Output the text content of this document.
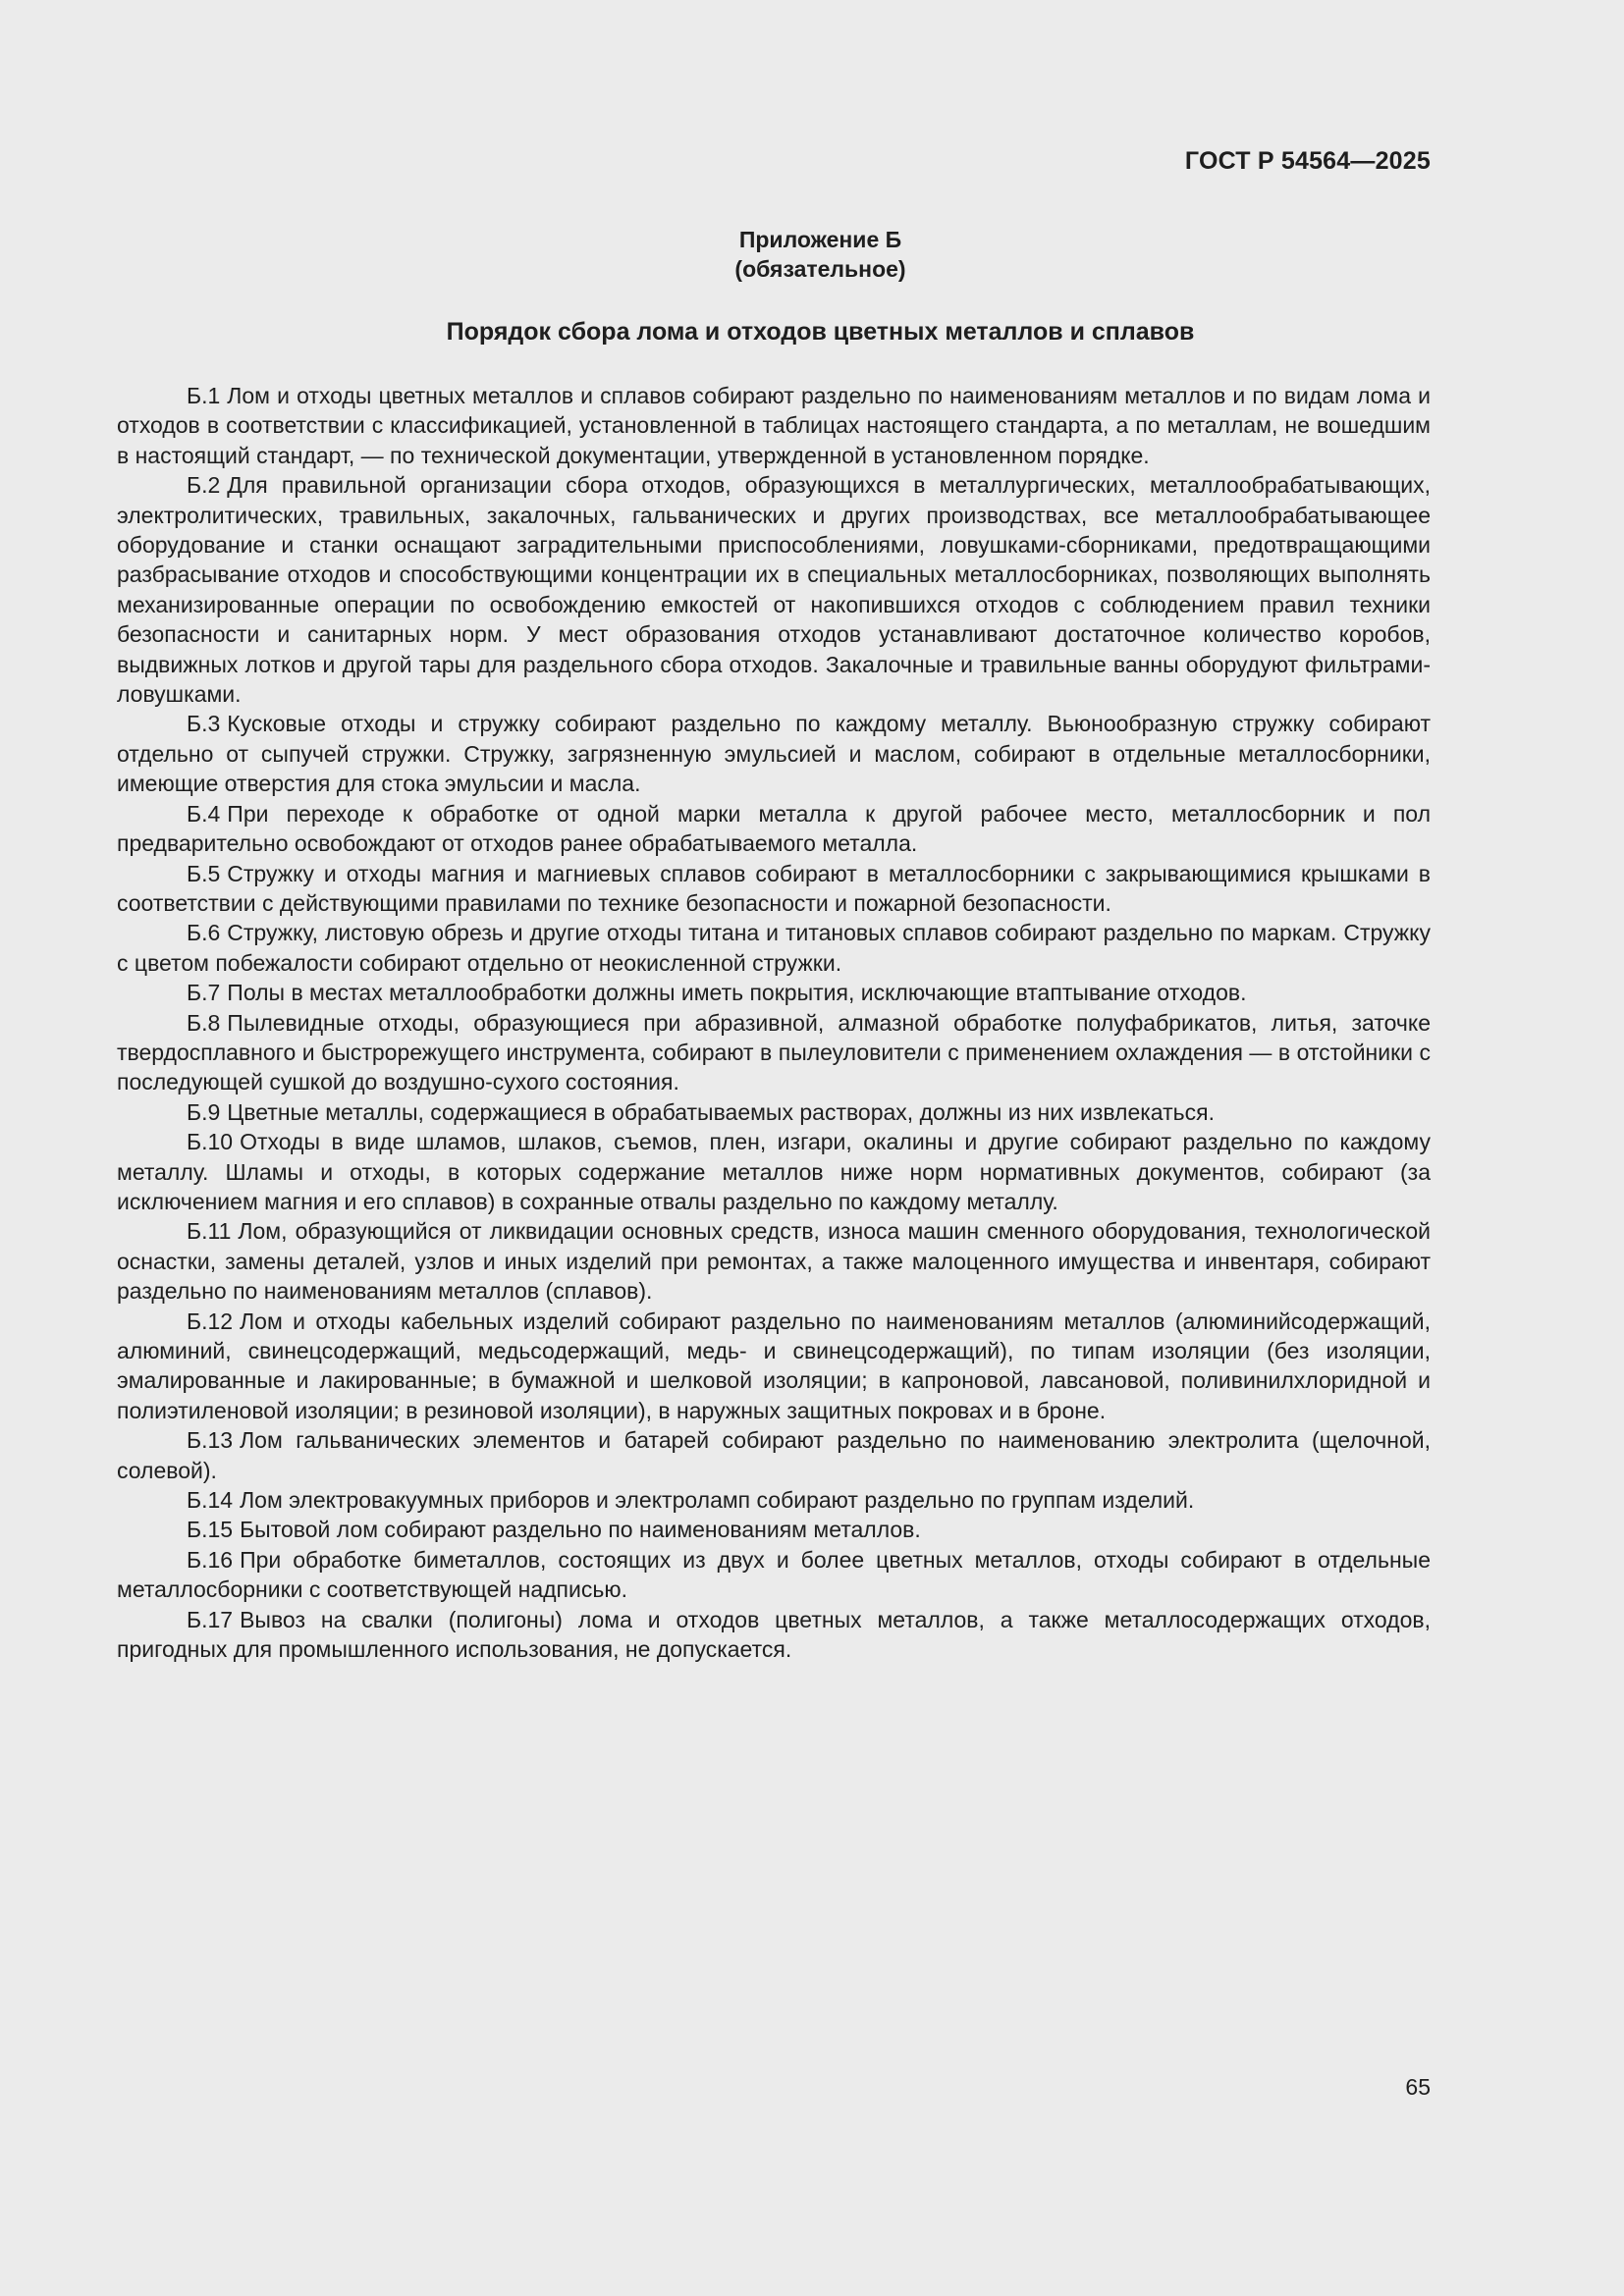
ГОСТ Р 54564—2025
Приложение Б
(обязательное)
Порядок сбора лома и отходов цветных металлов и сплавов

Б.1 Лом и отходы цветных металлов и сплавов собирают раздельно по наименованиям металлов и по видам лома и отходов в соответствии с классификацией, установленной в таблицах настоящего стандарта, а по металлам, не вошедшим в настоящий стандарт, — по технической документации, утвержденной в установленном порядке.

Б.2 Для правильной организации сбора отходов, образующихся в металлургических, металлообрабатывающих, электролитических, травильных, закалочных, гальванических и других производствах, все металлообрабатывающее оборудование и станки оснащают заградительными приспособлениями, ловушками-сборниками, предотвращающими разбрасывание отходов и способствующими концентрации их в специальных металлосборниках, позволяющих выполнять механизированные операции по освобождению емкостей от накопившихся отходов с соблюдением правил техники безопасности и санитарных норм. У мест образования отходов устанавливают достаточное количество коробов, выдвижных лотков и другой тары для раздельного сбора отходов. Закалочные и травильные ванны оборудуют фильтрами-ловушками.

Б.3 Кусковые отходы и стружку собирают раздельно по каждому металлу. Вьюнообразную стружку собирают отдельно от сыпучей стружки. Стружку, загрязненную эмульсией и маслом, собирают в отдельные металлосборники, имеющие отверстия для стока эмульсии и масла.

Б.4 При переходе к обработке от одной марки металла к другой рабочее место, металлосборник и пол предварительно освобождают от отходов ранее обрабатываемого металла.

Б.5 Стружку и отходы магния и магниевых сплавов собирают в металлосборники с закрывающимися крышками в соответствии с действующими правилами по технике безопасности и пожарной безопасности.

Б.6 Стружку, листовую обрезь и другие отходы титана и титановых сплавов собирают раздельно по маркам. Стружку с цветом побежалости собирают отдельно от неокисленной стружки.

Б.7 Полы в местах металлообработки должны иметь покрытия, исключающие втаптывание отходов.

Б.8 Пылевидные отходы, образующиеся при абразивной, алмазной обработке полуфабрикатов, литья, заточке твердосплавного и быстрорежущего инструмента, собирают в пылеуловители с применением охлаждения — в отстойники с последующей сушкой до воздушно-сухого состояния.

Б.9 Цветные металлы, содержащиеся в обрабатываемых растворах, должны из них извлекаться.

Б.10 Отходы в виде шламов, шлаков, съемов, плен, изгари, окалины и другие собирают раздельно по каждому металлу. Шламы и отходы, в которых содержание металлов ниже норм нормативных документов, собирают (за исключением магния и его сплавов) в сохранные отвалы раздельно по каждому металлу.

Б.11 Лом, образующийся от ликвидации основных средств, износа машин сменного оборудования, технологической оснастки, замены деталей, узлов и иных изделий при ремонтах, а также малоценного имущества и инвентаря, собирают раздельно по наименованиям металлов (сплавов).

Б.12 Лом и отходы кабельных изделий собирают раздельно по наименованиям металлов (алюминийсодержащий, алюминий, свинецсодержащий, медьсодержащий, медь- и свинецсодержащий), по типам изоляции (без изоляции, эмалированные и лакированные; в бумажной и шелковой изоляции; в капроновой, лавсановой, поливинилхлоридной и полиэтиленовой изоляции; в резиновой изоляции), в наружных защитных покровах и в броне.

Б.13 Лом гальванических элементов и батарей собирают раздельно по наименованию электролита (щелочной, солевой).

Б.14 Лом электровакуумных приборов и электроламп собирают раздельно по группам изделий.

Б.15 Бытовой лом собирают раздельно по наименованиям металлов.

Б.16 При обработке биметаллов, состоящих из двух и более цветных металлов, отходы собирают в отдельные металлосборники с соответствующей надписью.

Б.17 Вывоз на свалки (полигоны) лома и отходов цветных металлов, а также металлосодержащих отходов, пригодных для промышленного использования, не допускается.

65
